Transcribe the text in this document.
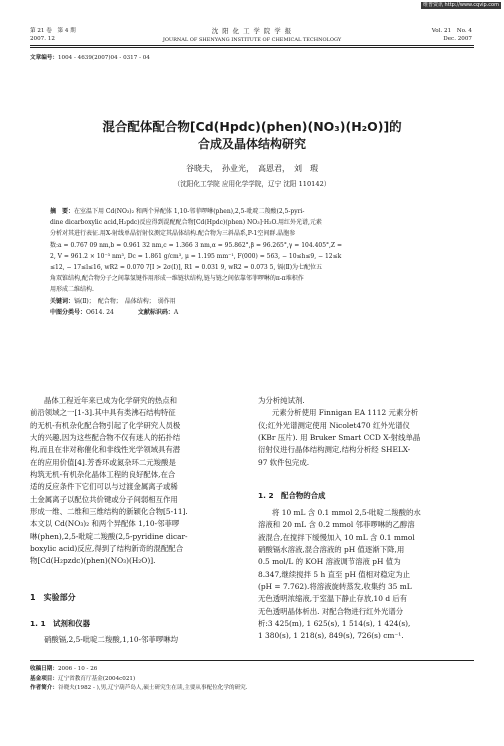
维普资讯 http://www.cqvip.com
第 21 卷　第 4 期
2007. 12
沈 阳 化 工 学 院 学 报
JOURNAL OF SHENYANG INSTITUTE OF CHEMICAL TECHNOLOGY
Vol. 21　No. 4
Dec. 2007
文章编号：1004 - 4639(2007)04 - 0317 - 04
混合配体配合物[Cd(Hpdc)(phen)(NO₃)(H₂O)]的
合成及晶体结构研究
谷晓夫，　孙业光，　高恩君，　刘　瑕
（沈阳化工学院 应用化学学院，辽宁 沈阳 110142）
摘　要：在室温下用 Cd(NO₃)₂ 和两个异配体 1,10-邻菲啰啉(phen),2,5-吡啶二羧酸(2,5-pyri-
dine dicarboxylic acid,H₂pdc)反应得到混配配合物[Cd(Hpdc)(phen) NO₃]·H₂O.用红外光谱,元素
分析对其进行表征.用X-射线单晶衍射仪测定其晶体结构.配合物为三斜晶系,P-1空间群.晶胞参
数:a = 0.767 09 nm,b = 0.961 32 nm,c = 1.366 3 nm,α = 95.862°,β = 96.265°,γ = 104.405°,Z =
2, V = 961.2 × 10⁻³ nm³, Dc = 1.861 g/cm³, μ = 1.195 mm⁻¹, F(000) = 563, − 10≤h≤9, − 12≤k
≤12, − 17≤l≤16, wR2 = 0.070 7[I > 2σ(I)], R1 = 0.031 9, wR2 = 0.073 5, 镉(Ⅱ)为七配位五
角双锥结构,配合物分子之间靠氢键作用形成一维链状结构,链与链之间依靠邻菲啰啉的π-π堆积作
用形成二维结构.
关键词：镉(Ⅱ)；　配合物；　晶体结构；　弱作用
中图分类号：O614. 24　　　　	文献标识码：A

晶体工程近年来已成为化学研究的热点和

前沿领域之一[1-3].其中具有类沸石结构特征

的无机-有机杂化配合物引起了化学研究人员极

大的兴趣,因为这些配合物不仅有迷人的拓扑结

构,而且在非对称催化和非线性光学领域具有潜

在的应用价值[4].芳香环或氮杂环二元羧酸是

构筑无机-有机杂化晶体工程的良好配体,在合

适的反应条件下它们可以与过渡金属离子或稀

土金属离子以配位共价键或分子间弱相互作用

形成一维、二维和三维结构的新颖化合物[5-11].

本文以 Cd(NO₃)₂ 和两个异配体 1,10-邻菲啰

啉(phen),2,5-吡啶二羧酸(2,5-pyridine dicar-

boxylic acid)反应,得到了结构新奇的混配配合

物[Cd(H₂pzdc)(phen)(NO₃)(H₂O)].

1　实验部分
1. 1　试剂和仪器

硝酸镉,2,5-吡啶二羧酸,1,10-邻菲啰啉均

为分析纯试剂.

元素分析使用 Finnigan EA 1112 元素分析

仪;红外光谱测定使用 Nicolet470 红外光谱仪

(KBr 压片). 用 Bruker Smart CCD X-射线单晶

衍射仪进行晶体结构测定,结构分析经 SHELX-

97 软件包完成.

1. 2　配合物的合成

将 10 mL 含 0.1 mmol 2,5-吡啶二羧酸的水

溶液和 20 mL 含 0.2 mmol 邻菲啰啉的乙醇溶

液混合,在搅拌下缓慢加入 10 mL 含 0.1 mmol

硝酸镉水溶液,混合溶液的 pH 值逐渐下降,用

0.5 mol/L 的 KOH 溶液调节溶液 pH 值为

8.347,继续搅拌 5 h 直至 pH 值相对稳定为止

(pH = 7.762).将溶液旋转蒸发,收集约 35 mL

无色透明浓缩液,于室温下静止存放,10 d 后有

无色透明晶体析出. 对配合物进行红外光谱分

析:3 425(m), 1 625(s), 1 514(s), 1 424(s),

1 380(s), 1 218(s), 849(s), 726(s) cm⁻¹.

收稿日期：2006 - 10 - 26
基金项目：辽宁省教育厅基金(2004c021)
作者简介：谷晓夫(1982 - ),男,辽宁葫芦岛人,硕士研究生在读,主要从事配位化学的研究.
